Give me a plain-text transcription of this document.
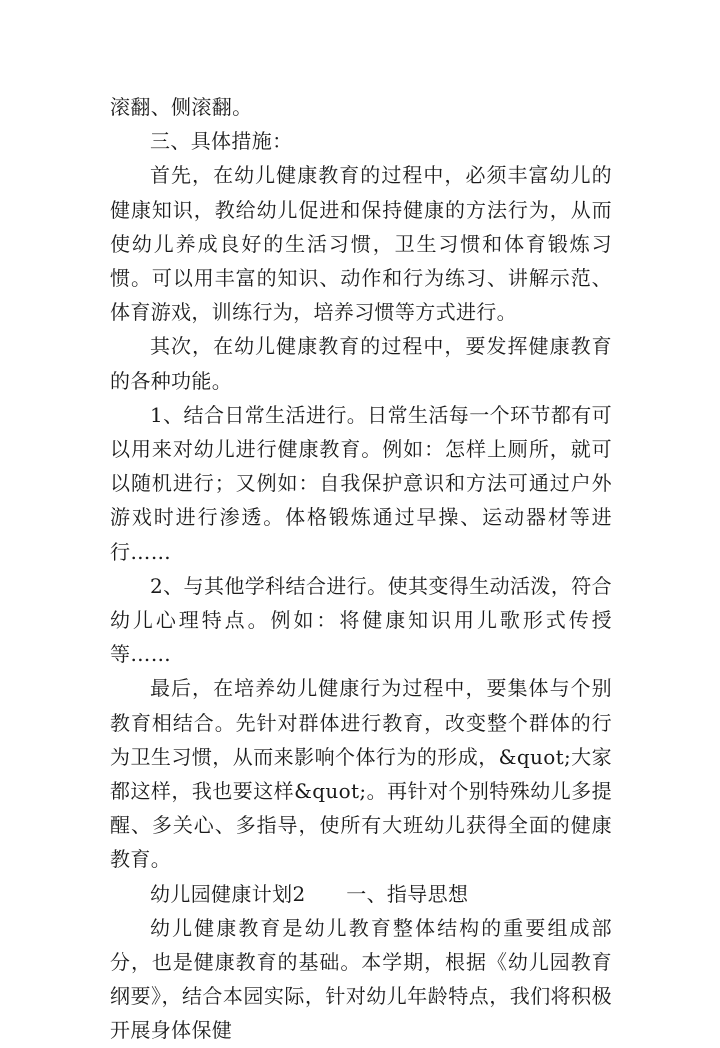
滚翻、侧滚翻。

三、具体措施：

首先，在幼儿健康教育的过程中，必须丰富幼儿的健康知识，教给幼儿促进和保持健康的方法行为，从而使幼儿养成良好的生活习惯，卫生习惯和体育锻炼习惯。可以用丰富的知识、动作和行为练习、讲解示范、体育游戏，训练行为，培养习惯等方式进行。

其次，在幼儿健康教育的过程中，要发挥健康教育的各种功能。

1、结合日常生活进行。日常生活每一个环节都有可以用来对幼儿进行健康教育。例如：怎样上厕所，就可以随机进行；又例如：自我保护意识和方法可通过户外游戏时进行渗透。体格锻炼通过早操、运动器材等进行……

2、与其他学科结合进行。使其变得生动活泼，符合幼儿心理特点。例如：将健康知识用儿歌形式传授等……

最后，在培养幼儿健康行为过程中，要集体与个别教育相结合。先针对群体进行教育，改变整个群体的行为卫生习惯，从而来影响个体行为的形成，&quot;大家都这样，我也要这样&quot;。再针对个别特殊幼儿多提醒、多关心、多指导，使所有大班幼儿获得全面的健康教育。

幼儿园健康计划2　　一、指导思想

幼儿健康教育是幼儿教育整体结构的重要组成部分，也是健康教育的基础。本学期，根据《幼儿园教育纲要》，结合本园实际，针对幼儿年龄特点，我们将积极开展身体保健
